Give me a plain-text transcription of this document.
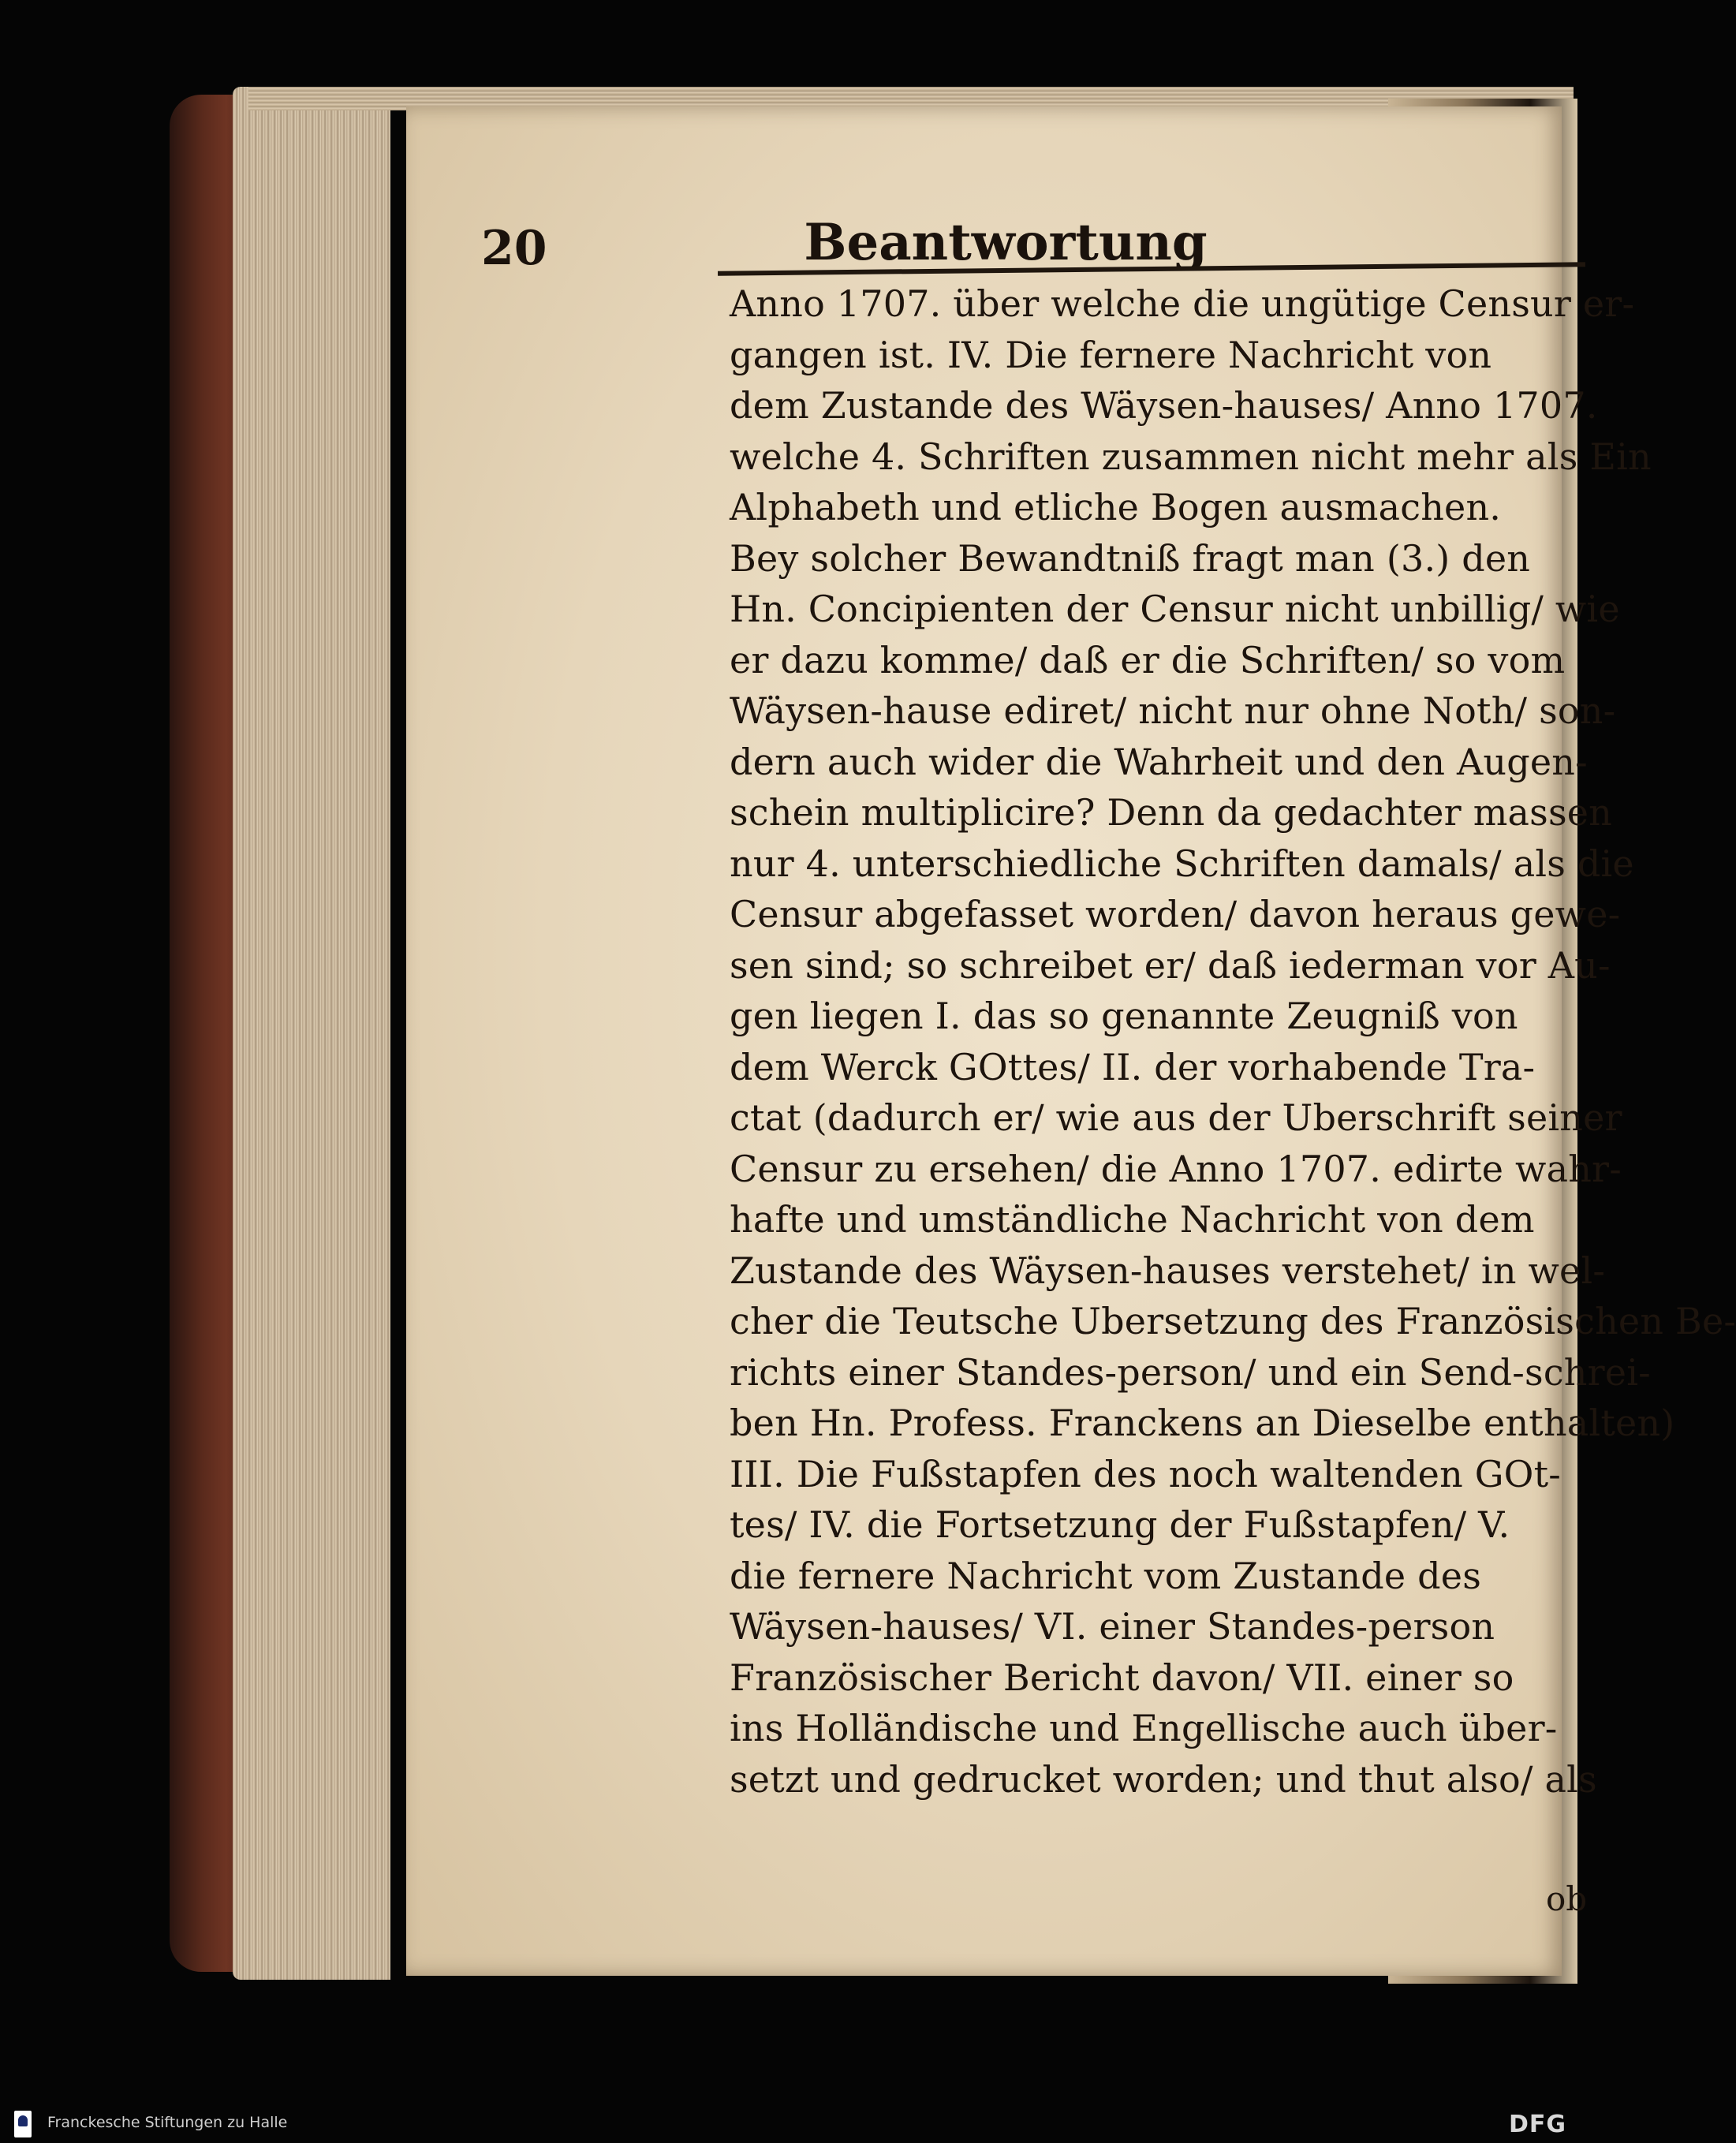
20	Beantwortung
Anno 1707. über welche die ungütige Censur er-
gangen ist. IV. Die fernere Nachricht von
dem Zustande des Wäysen-hauses/ Anno 1707.
welche 4. Schriften zusammen nicht mehr als Ein
Alphabeth und etliche Bogen ausmachen.
Bey solcher Bewandtniß fragt man (3.) den
Hn. Concipienten der Censur nicht unbillig/ wie
er dazu komme/ daß er die Schriften/ so vom
Wäysen-hause ediret/ nicht nur ohne Noth/ son-
dern auch wider die Wahrheit und den Augen-
schein multiplicire? Denn da gedachter massen
nur 4. unterschiedliche Schriften damals/ als die
Censur abgefasset worden/ davon heraus gewe-
sen sind; so schreibet er/ daß iederman vor Au-
gen liegen I. das so genannte Zeugniß von
dem Werck GOttes/ II. der vorhabende Tra-
ctat (dadurch er/ wie aus der Uberschrift seiner
Censur zu ersehen/ die Anno 1707. edirte wahr-
hafte und umständliche Nachricht von dem
Zustande des Wäysen-hauses verstehet/ in wel-
cher die Teutsche Ubersetzung des Französischen Be-
richts einer Standes-person/ und ein Send-schrei-
ben Hn. Profess. Franckens an Dieselbe enthalten)
III. Die Fußstapfen des noch waltenden GOt-
tes/ IV. die Fortsetzung der Fußstapfen/ V.
die fernere Nachricht vom Zustande des
Wäysen-hauses/ VI. einer Standes-person
Französischer Bericht davon/ VII. einer so
ins Holländische und Engellische auch über-
setzt und gedrucket worden; und thut also/ als
ob
Franckesche Stiftungen zu Halle	DFG
